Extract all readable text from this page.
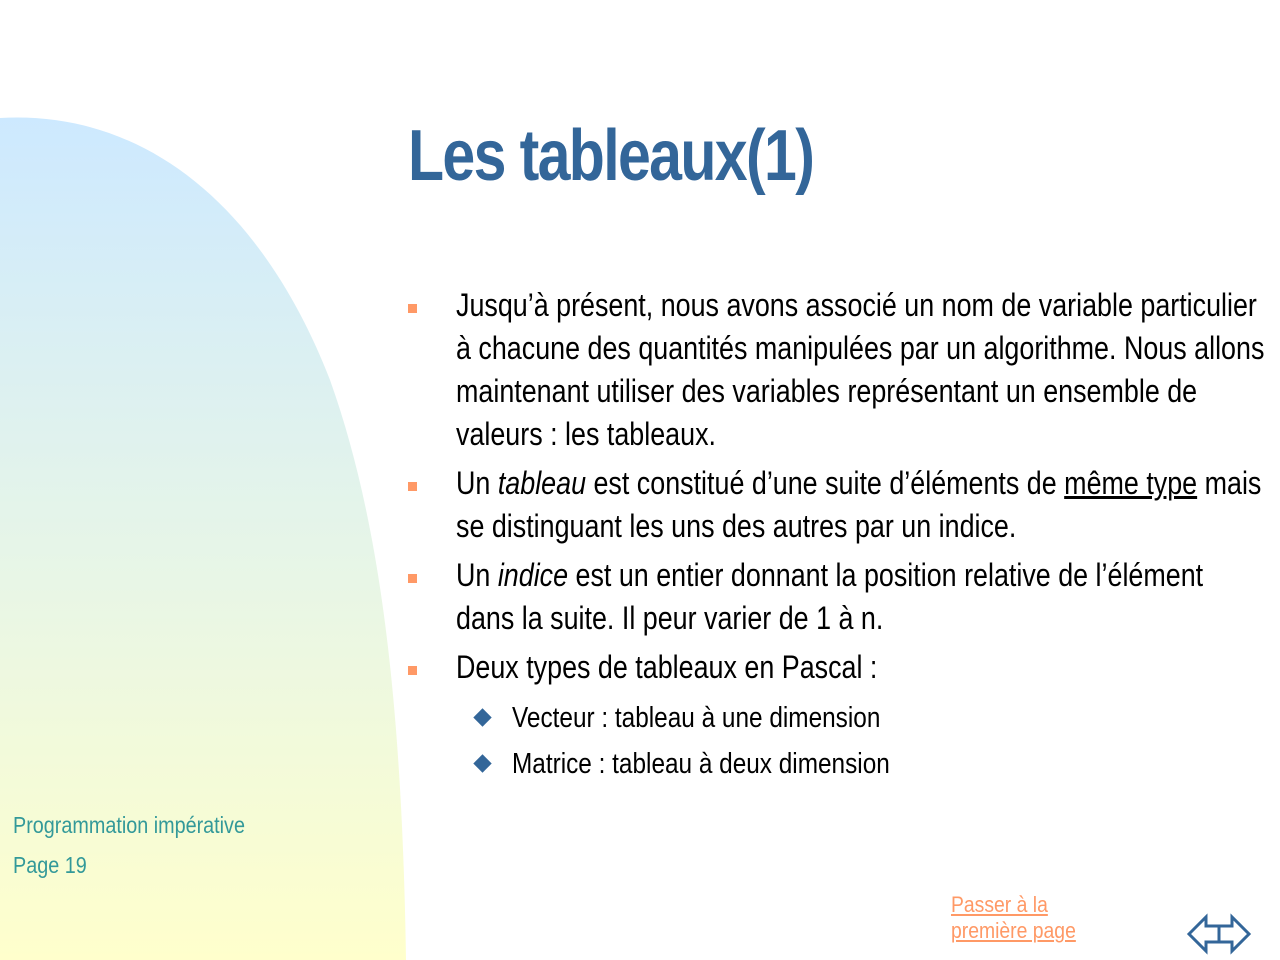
Les tableaux(1)
Jusqu’à présent, nous avons associé un nom de variable particulier à chacune des quantités manipulées par un algorithme. Nous allons maintenant utiliser des variables représentant un ensemble de valeurs : les tableaux.
Un tableau est constitué d’une suite d’éléments de même type mais se distinguant les uns des autres par un indice.
Un indice est un entier donnant la position relative de l’élément dans la suite. Il peur varier de 1 à n.
Deux types de tableaux en Pascal :
Vecteur : tableau à une dimension
Matrice : tableau à deux dimension
Programmation impérative
Page 19
Passer à la première page
